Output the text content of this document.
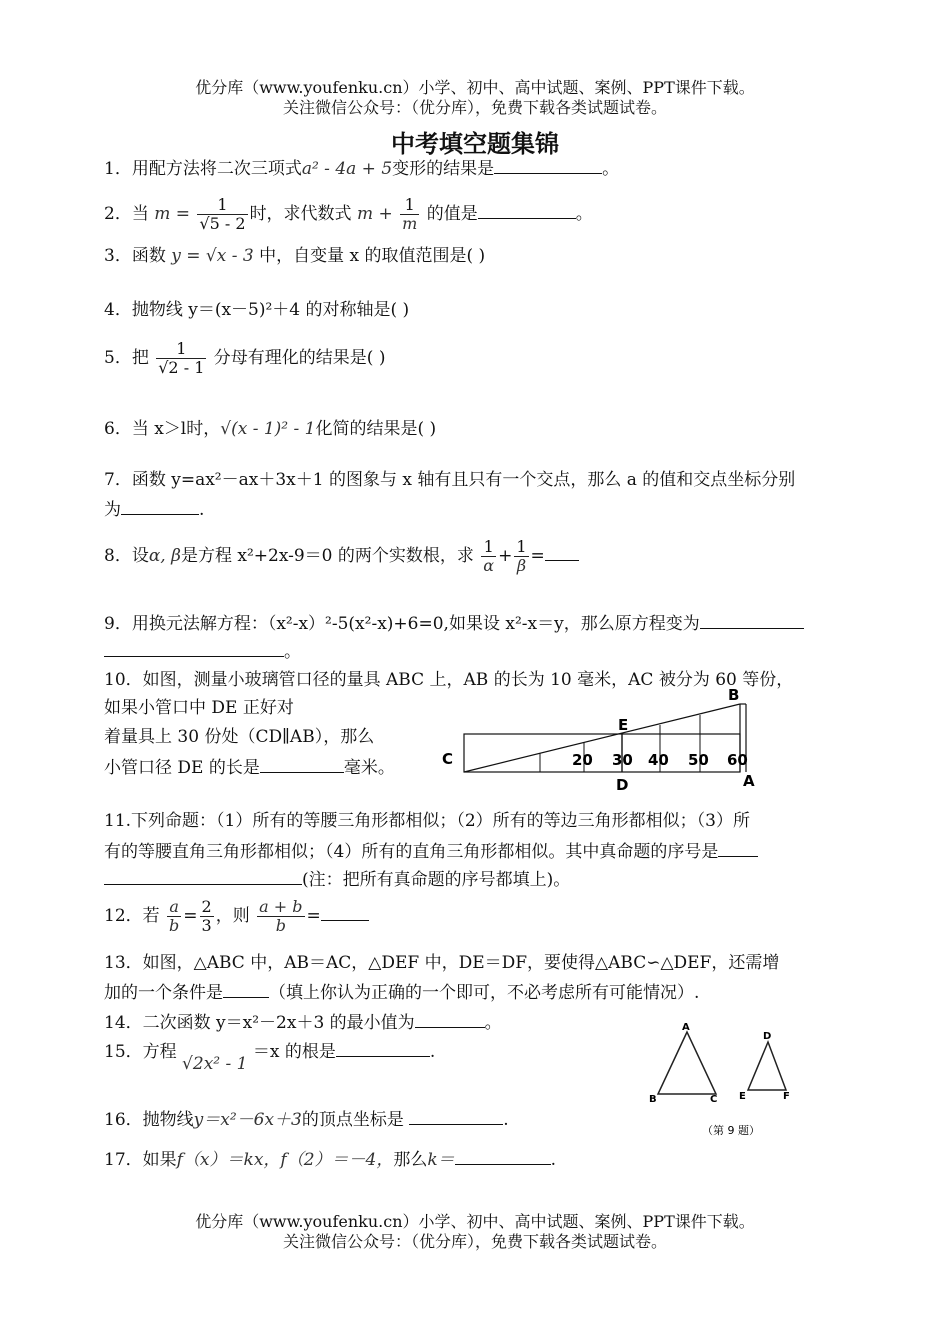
优分库（www.youfenku.cn）小学、初中、高中试题、案例、PPT课件下载。
关注微信公众号：（优分库），免费下载各类试题试卷。
中考填空题集锦
1．用配方法将二次三项式a² - 4a + 5变形的结果是	。
2．当 $m = \frac{1}{√5 - 2}$ 时，求代数式 $m + \frac{1}{m}$ 的值是	。
3．函数 y = √x - 3 中，自变量 x 的取值范围是( )
4．抛物线 y＝(x－5)²＋4 的对称轴是( )
5．把 $\frac{1}{√2 - 1}$ 分母有理化的结果是( )
6．当 x＞l时，√(x - 1)² - 1化简的结果是( )
7．函数 y=ax²－ax＋3x＋1 的图象与 x 轴有且只有一个交点，那么 a 的值和交点坐标分别
为	.
8．设α, β是方程 x²+2x-9＝0 的两个实数根，求 $\frac{1}{\alpha} + \frac{1}{\beta}$ =
9．用换元法解方程：（x²-x）²-5(x²-x)+6=0,如果设 x²-x＝y，那么原方程变为
。
10．如图，测量小玻璃管口径的量具 ABC 上，AB 的长为 10 毫米，AC 被分为 60 等份，
如果小管口中 DE 正好对
着量具上 30 份处（CD∥AB），那么
小管口径 DE 的长是	毫米。	C
B
A
E
D
20 30 40 50 60
11.下列命题：（1）所有的等腰三角形都相似；（2）所有的等边三角形都相似；（3）所
有的等腰直角三角形都相似；（4）所有的直角三角形都相似。其中真命题的序号是
(注：把所有真命题的序号都填上)。
12．若 $\frac{a}{b} = \frac{2}{3}$ ，则 $\frac{a + b}{b}$ =
13．如图，△ABC 中，AB＝AC，△DEF 中，DE＝DF，要使得△ABC∽△DEF，还需增
加的一个条件是	（填上你认为正确的一个即可，不必考虑所有可能情况）.
14．二次函数 y＝x²－2x＋3 的最小值为	。
15．方程 √2x² - 1 ＝x 的根是	.
16．抛物线y＝x²－6x＋3的顶点坐标是	.
17．如果f（x）＝kx，f（2）＝－4，那么k＝	.
A
B	C
D
E	F
（第 9 题）
优分库（www.youfenku.cn）小学、初中、高中试题、案例、PPT课件下载。
关注微信公众号：（优分库），免费下载各类试题试卷。
